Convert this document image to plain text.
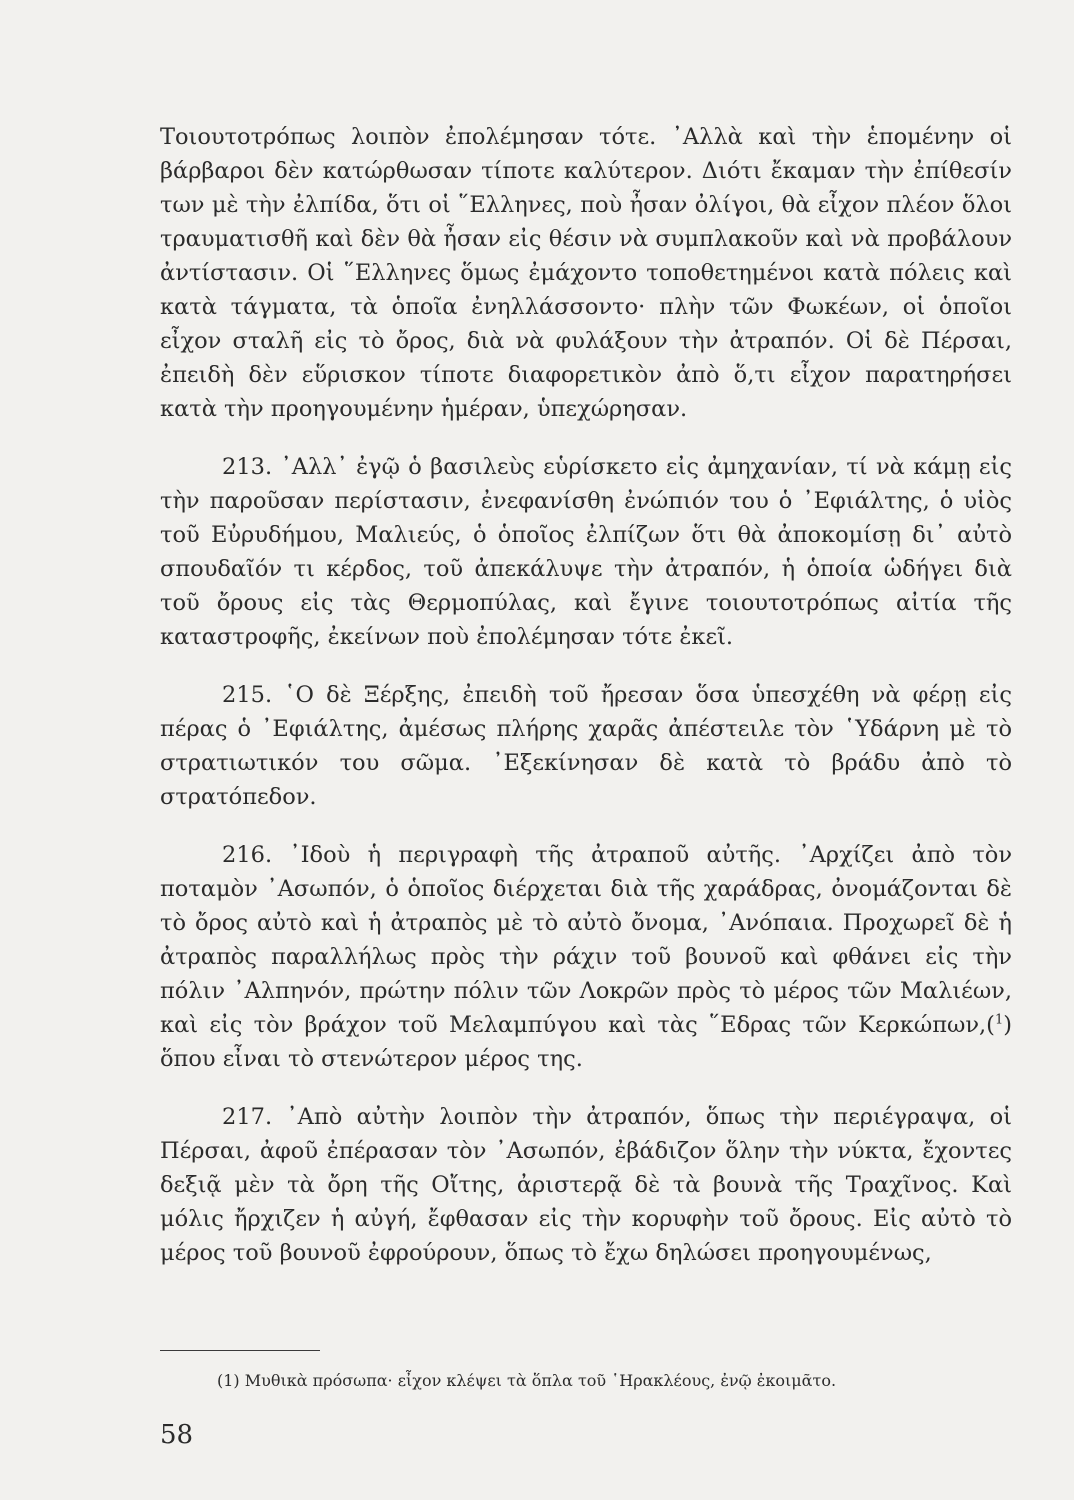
Τοιουτοτρόπως λοιπὸν ἐπολέμησαν τότε. ᾿Αλλὰ καὶ τὴν ἑπομένην οἱ βάρβαροι δὲν κατώρθωσαν τίποτε καλύτερον. Διότι ἔκαμαν τὴν ἐπίθεσίν των μὲ τὴν ἐλπίδα, ὅτι οἱ ῞Ελληνες, ποὺ ἦσαν ὀλίγοι, θὰ εἶχον πλέον ὅλοι τραυματισθῆ καὶ δὲν θὰ ἦσαν εἰς θέσιν νὰ συμπλακοῦν καὶ νὰ προβάλουν ἀντίστασιν. Οἱ ῞Ελληνες ὅμως ἐμάχοντο τοποθετημένοι κατὰ πόλεις καὶ κατὰ τάγματα, τὰ ὁποῖα ἐνηλλάσσοντο· πλὴν τῶν Φωκέων, οἱ ὁποῖοι εἶχον σταλῆ εἰς τὸ ὄρος, διὰ νὰ φυλάξουν τὴν ἀτραπόν. Οἱ δὲ Πέρσαι, ἐπειδὴ δὲν εὕρισκον τίποτε διαφορετικὸν ἀπὸ ὅ,τι εἶχον παρατηρήσει κατὰ τὴν προηγουμένην ἡμέραν, ὑπεχώρησαν.

213. ᾿Αλλ᾿ ἐγῷ ὁ βασιλεὺς εὑρίσκετο εἰς ἀμηχανίαν, τί νὰ κάμῃ εἰς τὴν παροῦσαν περίστασιν, ἐνεφανίσθη ἐνώπιόν του ὁ ᾿Εφιάλτης, ὁ υἱὸς τοῦ Εὐρυδήμου, Μαλιεύς, ὁ ὁποῖος ἐλπίζων ὅτι θὰ ἀποκομίσῃ δι᾿ αὐτὸ σπουδαῖόν τι κέρδος, τοῦ ἀπεκάλυψε τὴν ἀτραπόν, ἡ ὁποία ὡδήγει διὰ τοῦ ὄρους εἰς τὰς Θερμοπύλας, καὶ ἔγινε τοιουτοτρόπως αἰτία τῆς καταστροφῆς, ἐκείνων ποὺ ἐπολέμησαν τότε ἐκεῖ.

215. ῾Ο δὲ Ξέρξης, ἐπειδὴ τοῦ ἤρεσαν ὅσα ὑπεσχέθη νὰ φέρῃ εἰς πέρας ὁ ᾿Εφιάλτης, ἀμέσως πλήρης χαρᾶς ἀπέστειλε τὸν ῾Υδάρνη μὲ τὸ στρατιωτικόν του σῶμα. ᾿Εξεκίνησαν δὲ κατὰ τὸ βράδυ ἀπὸ τὸ στρατόπεδον.

216. ᾿Ιδοὺ ἡ περιγραφὴ τῆς ἀτραποῦ αὐτῆς. ᾿Αρχίζει ἀπὸ τὸν ποταμὸν ᾿Ασωπόν, ὁ ὁποῖος διέρχεται διὰ τῆς χαράδρας, ὀνομάζονται δὲ τὸ ὄρος αὐτὸ καὶ ἡ ἀτραπὸς μὲ τὸ αὐτὸ ὄνομα, ᾿Ανόπαια. Προχωρεῖ δὲ ἡ ἀτραπὸς παραλλήλως πρὸς τὴν ράχιν τοῦ βουνοῦ καὶ φθάνει εἰς τὴν πόλιν ᾿Αλπηνόν, πρώτην πόλιν τῶν Λοκρῶν πρὸς τὸ μέρος τῶν Μαλιέων, καὶ εἰς τὸν βράχον τοῦ Μελαμπύγου καὶ τὰς ῞Εδρας τῶν Κερκώπων,($^1$) ὅπου εἶναι τὸ στενώτερον μέρος της.

217. ᾿Απὸ αὐτὴν λοιπὸν τὴν ἀτραπόν, ὅπως τὴν περιέγραψα, οἱ Πέρσαι, ἀφοῦ ἐπέρασαν τὸν ᾿Ασωπόν, ἐβάδιζον ὅλην τὴν νύκτα, ἔχοντες δεξιᾷ μὲν τὰ ὄρη τῆς Οἴτης, ἀριστερᾷ δὲ τὰ βουνὰ τῆς Τραχῖνος. Καὶ μόλις ἤρχιζεν ἡ αὐγή, ἔφθασαν εἰς τὴν κορυφὴν τοῦ ὄρους. Εἰς αὐτὸ τὸ μέρος τοῦ βουνοῦ ἐφρούρουν, ὅπως τὸ ἔχω δηλώσει προηγουμένως,

(1) Μυθικὰ πρόσωπα· εἶχον κλέψει τὰ ὅπλα τοῦ ῾Ηρακλέους, ἐνῷ ἐκοιμᾶτο.
58
